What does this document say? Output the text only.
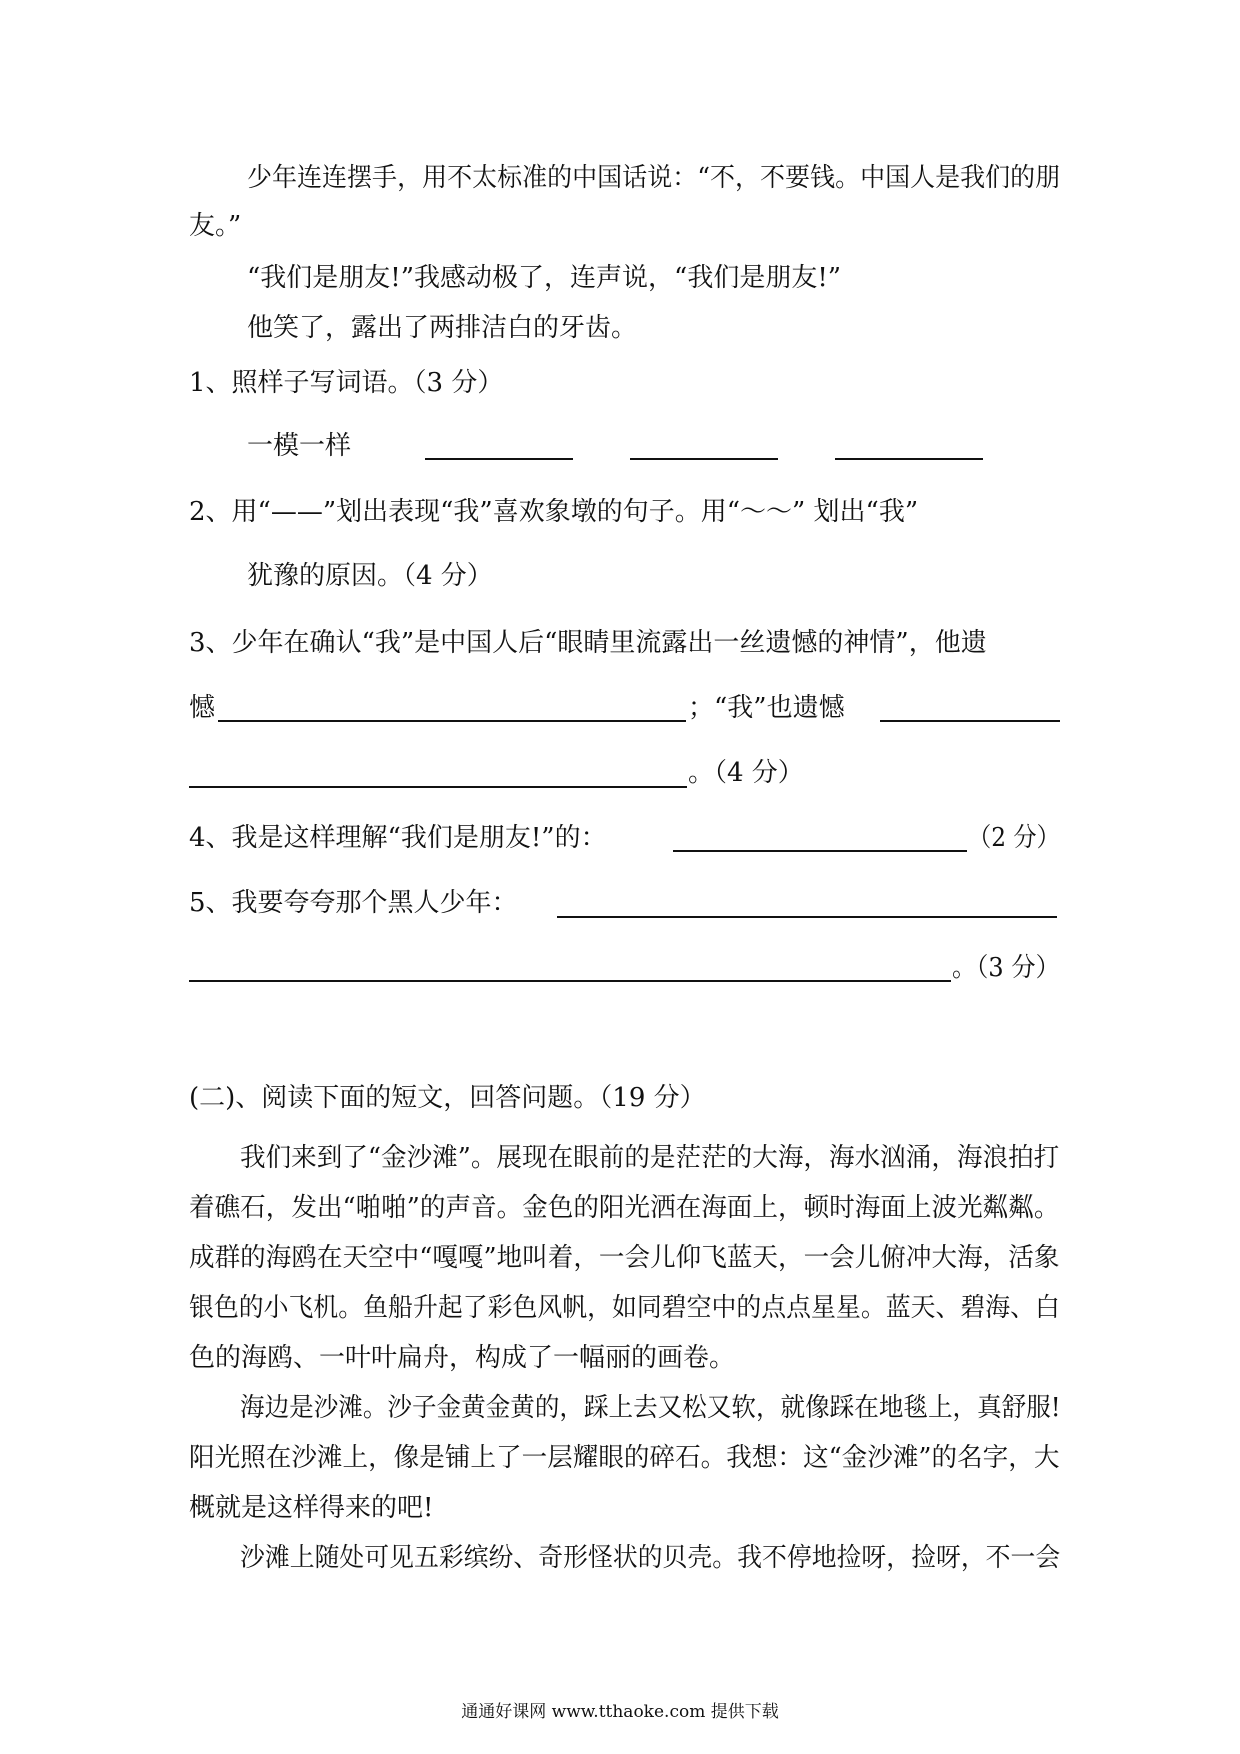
少年连连摆手，用不太标准的中国话说：“不，不要钱。中国人是我们的朋
友。”
“我们是朋友!”我感动极了，连声说，“我们是朋友!”
他笑了，露出了两排洁白的牙齿。
1、照样子写词语。（3 分）
一模一样
2、用“——”划出表现“我”喜欢象墩的句子。用“～～” 划出“我”
犹豫的原因。（4 分）
3、少年在确认“我”是中国人后“眼睛里流露出一丝遗憾的神情”，他遗
憾	；“我”也遗憾
。（4 分）
4、我是这样理解“我们是朋友!”的：	（2 分）
5、我要夸夸那个黑人少年：
。（3 分）
(二)、阅读下面的短文，回答问题。（19 分）
我们来到了“金沙滩”。展现在眼前的是茫茫的大海，海水汹涌，海浪拍打
着礁石，发出“啪啪”的声音。金色的阳光洒在海面上，顿时海面上波光粼粼。
成群的海鸥在天空中“嘎嘎”地叫着，一会儿仰飞蓝天，一会儿俯冲大海，活象
银色的小飞机。鱼船升起了彩色风帆，如同碧空中的点点星星。蓝天、碧海、白
色的海鸥、一叶叶扁舟，构成了一幅丽的画卷。
海边是沙滩。沙子金黄金黄的，踩上去又松又软，就像踩在地毯上，真舒服!
阳光照在沙滩上，像是铺上了一层耀眼的碎石。我想：这“金沙滩”的名字，大
概就是这样得来的吧!
沙滩上随处可见五彩缤纷、奇形怪状的贝壳。我不停地捡呀，捡呀，不一会
通通好课网 www.tthaoke.com 提供下载
